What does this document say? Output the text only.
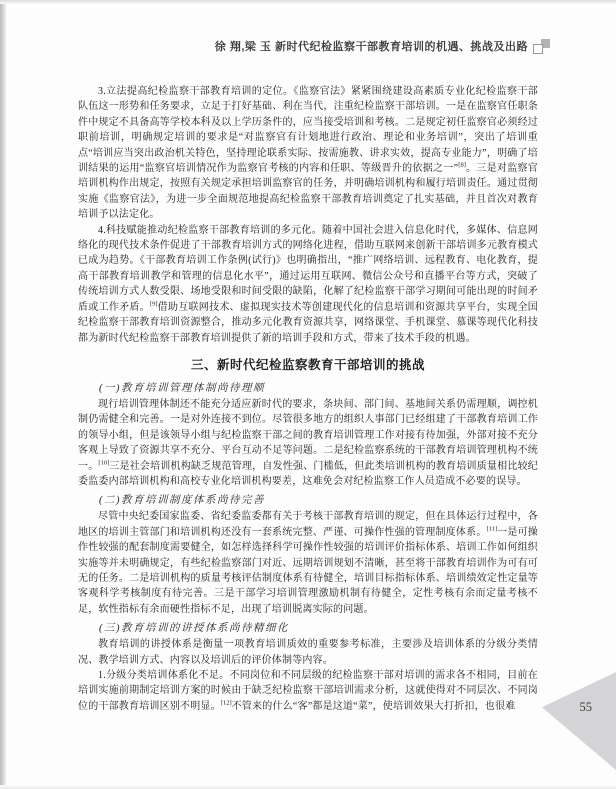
徐 翔,梁 玉 新时代纪检监察干部教育培训的机遇、挑战及出路

3.立法提高纪检监察干部教育培训的定位。《监察官法》紧紧围绕建设高素质专业化纪检监察干部队伍这一形势和任务要求，立足于打好基础、利在当代，注重纪检监察干部培训。一是在监察官任职条件中规定不具备高等学校本科及以上学历条件的，应当接受培训和考核。二是规定初任监察官必须经过职前培训，明确规定培训的要求是“对监察官有计划地进行政治、理论和业务培训”，突出了培训重点“培训应当突出政治机关特色，坚持理论联系实际、按需施教、讲求实效，提高专业能力”，明确了培训结果的运用“监察官培训情况作为监察官考核的内容和任职、等级晋升的依据之一”[8]。三是对监察官培训机构作出规定，按照有关规定承担培训监察官的任务，并明确培训机构和履行培训责任。通过贯彻实施《监察官法》，为进一步全面规范地提高纪检监察干部教育培训奠定了扎实基础，并且首次对教育培训予以法定化。

4.科技赋能推动纪检监察干部教育培训的多元化。随着中国社会进入信息化时代，多媒体、信息网络化的现代技术条件促进了干部教育培训方式的网络化进程，借助互联网来创新干部培训多元教育模式已成为趋势。《干部教育培训工作条例(试行)》也明确指出，“推广网络培训、远程教育、电化教育，提高干部教育培训教学和管理的信息化水平”，通过运用互联网、微信公众号和直播平台等方式，突破了传统培训方式人数受限、场地受限和时间受限的缺陷，化解了纪检监察干部学习期间可能出现的时间矛盾或工作矛盾。[9]借助互联网技术、虚拟现实技术等创建现代化的信息培训和资源共享平台，实现全国纪检监察干部教育培训资源整合，推动多元化教育资源共享，网络课堂、手机课堂、慕课等现代化科技都为新时代纪检监察干部教育培训提供了新的培训手段和方式，带来了技术手段的机遇。

三、新时代纪检监察教育干部培训的挑战
(一)教育培训管理体制尚待理顺

现行培训管理体制还不能充分适应新时代的要求，条块间、部门间、基地间关系仍需理顺，调控机制仍需健全和完善。一是对外连接不到位。尽管很多地方的组织人事部门已经组建了干部教育培训工作的领导小组，但是该领导小组与纪检监察干部之间的教育培训管理工作对接有待加强，外部对接不充分客观上导致了资源共享不充分、平台互动不足等问题。二是纪检监察系统的干部教育培训管理机构不统一。[10]三是社会培训机构缺乏规范管理，自发性强、门槛低，但此类培训机构的教育培训质量相比较纪委监委内部培训机构和高校专业化培训机构要差，这难免会对纪检监察工作人员造成不必要的误导。

(二)教育培训制度体系尚待完善

尽管中央纪委国家监委、省纪委监委都有关于考核干部教育培训的规定，但在具体运行过程中，各地区的培训主管部门和培训机构还没有一套系统完整、严谨、可操作性强的管理制度体系。[11]一是可操作性较强的配套制度需要健全，如怎样选择科学可操作性较强的培训评价指标体系、培训工作如何组织实施等并未明确规定，有些纪检监察部门对近、远期培训规划不清晰，甚至将干部教育培训作为可有可无的任务。二是培训机构的质量考核评估制度体系有待健全，培训目标指标体系、培训绩效定性定量等客观科学考核制度有待完善。三是干部学习培训管理激励机制有待健全，定性考核有余而定量考核不足，软性指标有余而硬性指标不足，出现了培训脱离实际的问题。

(三)教育培训的讲授体系尚待精细化

教育培训的讲授体系是衡量一项教育培训质效的重要参考标准，主要涉及培训体系的分级分类情况、教学培训方式、内容以及培训后的评价体制等内容。

1.分级分类培训体系化不足。不同岗位和不同层级的纪检监察干部对培训的需求各不相同，目前在培训实施前期制定培训方案的时候由于缺乏纪检监察干部培训需求分析，这就使得对不同层次、不同岗位的干部教育培训区别不明显。[12]不管来的什么“客”都是这道“菜”，使培训效果大打折扣，也很难	55
